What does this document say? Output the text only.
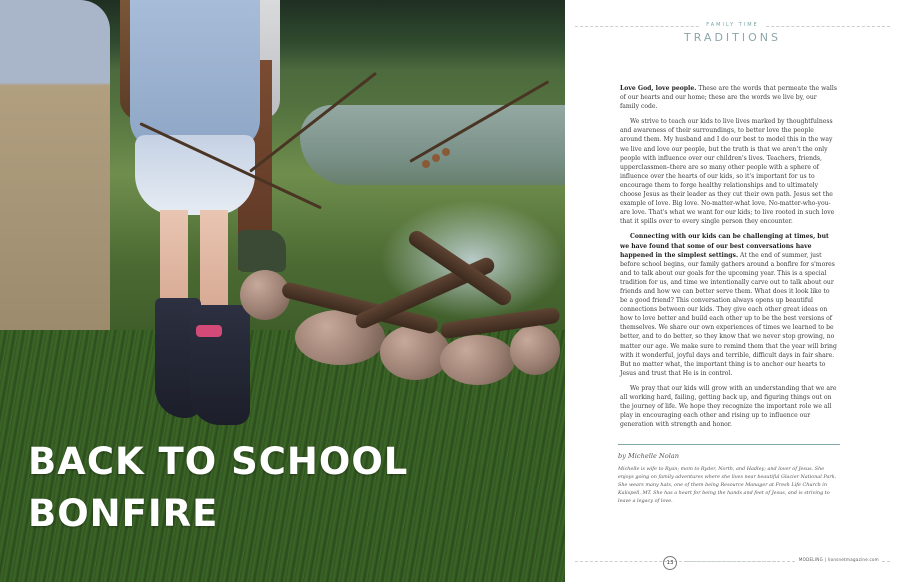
BACK TO SCHOOL
BONFIRE
FAMILY TIME
TRADITIONS

Love God, love people. These are the words that permeate the walls of our hearts and our home; these are the words we live by, our family code.

We strive to teach our kids to live lives marked by thoughtfulness and awareness of their surroundings, to better love the people around them. My husband and I do our best to model this in the way we live and love our people, but the truth is that we aren't the only people with influence over our children's lives. Teachers, friends, upperclassmen–there are so many other people with a sphere of influence over the hearts of our kids, so it's important for us to encourage them to forge healthy relationships and to ultimately choose Jesus as their leader as they cut their own path. Jesus set the example of love. Big love. No-matter-what love. No-matter-who-you-are love. That's what we want for our kids; to live rooted in such love that it spills over to every single person they encounter.

Connecting with our kids can be challenging at times, but we have found that some of our best conversations have happened in the simplest settings. At the end of summer, just before school begins, our family gathers around a bonfire for s'mores and to talk about our goals for the upcoming year. This is a special tradition for us, and time we intentionally carve out to talk about our friends and how we can better serve them. What does it look like to be a good friend? This conversation always opens up beautiful connections between our kids. They give each other great ideas on how to love better and build each other up to be the best versions of themselves. We share our own experiences of times we learned to be better, and to do better, so they know that we never stop growing, no matter our age. We make sure to remind them that the year will bring with it wonderful, joyful days and terrible, difficult days in fair share. But no matter what, the important thing is to anchor our hearts to Jesus and trust that He is in control.

We pray that our kids will grow with an understanding that we are all working hard, failing, getting back up, and figuring things out on the journey of life. We hope they recognize the important role we all play in encouraging each other and rising up to influence our generation with strength and honor.

by Michelle Nolan
Michelle is wife to Ryan; mom to Ryder, North, and Hadley; and lover of Jesus. She enjoys going on family adventures where she lives near beautiful Glacier National Park. She wears many hats, one of them being Resource Manager at Fresh Life Church in Kalispell, MT. She has a heart for being the hands and feet of Jesus, and is striving to leave a legacy of love.
13
MODELING | lionsnetmagazine.com
